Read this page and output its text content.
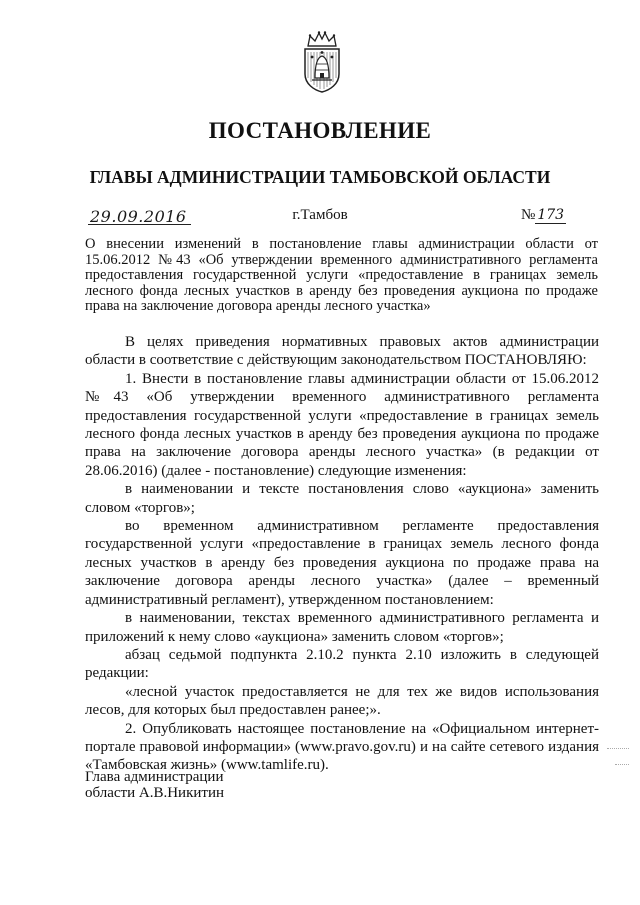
ПОСТАНОВЛЕНИЕ
ГЛАВЫ АДМИНИСТРАЦИИ ТАМБОВСКОЙ ОБЛАСТИ
29.09.2016	г.Тамбов	№ 173

О внесении изменений в постановление главы администрации области от 15.06.2012 №43 «Об утверждении временного административного регламента предоставления государственной услуги «предоставление в границах земель лесного фонда лесных участков в аренду без проведения аукциона по продаже права на заключение договора аренды лесного участка»

В целях приведения нормативных правовых актов администрации области в соответствие с действующим законодательством ПОСТАНОВЛЯЮ:

1. Внести в постановление главы администрации области от 15.06.2012 №43 «Об утверждении временного административного регламента предоставления государственной услуги «предоставление в границах земель лесного фонда лесных участков в аренду без проведения аукциона по продаже права на заключение договора аренды лесного участка» (в редакции от 28.06.2016) (далее - постановление) следующие изменения:

в наименовании и тексте постановления слово «аукциона» заменить словом «торгов»;

во временном административном регламенте предоставления государственной услуги «предоставление в границах земель лесного фонда лесных участков в аренду без проведения аукциона по продаже права на заключение договора аренды лесного участка» (далее – временный административный регламент), утвержденном постановлением:

в наименовании, текстах временного административного регламента и приложений к нему слово «аукциона» заменить словом «торгов»;

абзац седьмой подпункта 2.10.2 пункта 2.10 изложить в следующей редакции:

«лесной участок предоставляется не для тех же видов использования лесов, для которых был предоставлен ранее;».

2. Опубликовать настоящее постановление на «Официальном интернет-портале правовой информации» (www.pravo.gov.ru) и на сайте сетевого издания «Тамбовская жизнь» (www.tamlife.ru).

Глава администрации
области А.В.Никитин
